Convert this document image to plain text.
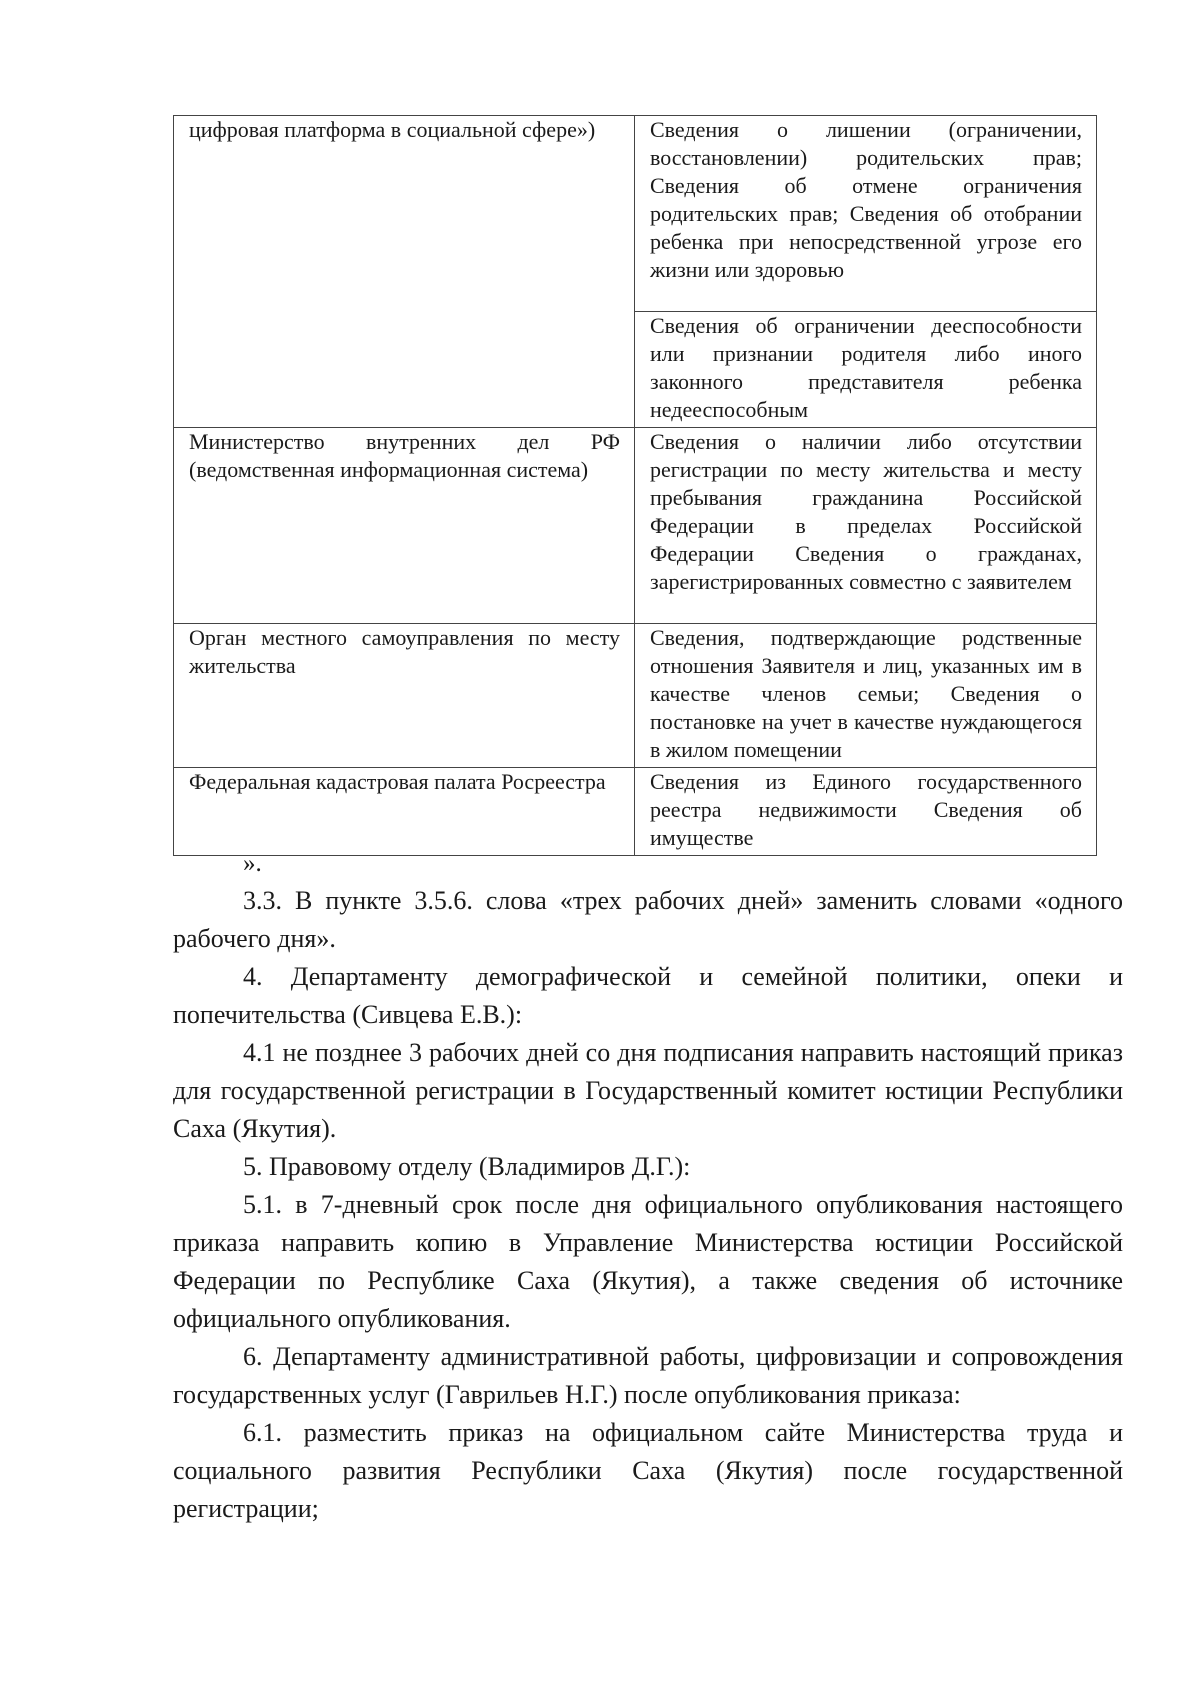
цифровая платформа в социальной сфере»)	Сведения о лишении (ограничении, восстановлении) родительских прав; Сведения об отмене ограничения родительских прав; Сведения об отобрании ребенка при непосредственной угрозе его жизни или здоровью
	Сведения об ограничении дееспособности или признании родителя либо иного законного представителя ребенка недееспособным
Министерство внутренних дел РФ (ведомственная информационная система)	Сведения о наличии либо отсутствии регистрации по месту жительства и месту пребывания гражданина Российской Федерации в пределах Российской Федерации Сведения о гражданах, зарегистрированных совместно с заявителем
Орган местного самоуправления по месту жительства	Сведения, подтверждающие родственные отношения Заявителя и лиц, указанных им в качестве членов семьи; Сведения о постановке на учет в качестве нуждающегося в жилом помещении
Федеральная кадастровая палата Росреестра	Сведения из Единого государственного реестра недвижимости Сведения об имуществе
».

3.3. В пункте 3.5.6. слова «трех рабочих дней» заменить словами «одного рабочего дня».

4. Департаменту демографической и семейной политики, опеки и попечительства (Сивцева Е.В.):

4.1 не позднее 3 рабочих дней со дня подписания направить настоящий приказ для государственной регистрации в Государственный комитет юстиции Республики Саха (Якутия).

5. Правовому отделу (Владимиров Д.Г.):

5.1. в 7-дневный срок после дня официального опубликования настоящего приказа направить копию в Управление Министерства юстиции Российской Федерации по Республике Саха (Якутия), а также сведения об источнике официального опубликования.

6. Департаменту административной работы, цифровизации и сопровождения государственных услуг (Гаврильев Н.Г.) после опубликования приказа:

6.1. разместить приказ на официальном сайте Министерства труда и социального развития Республики Саха (Якутия) после государственной регистрации;
